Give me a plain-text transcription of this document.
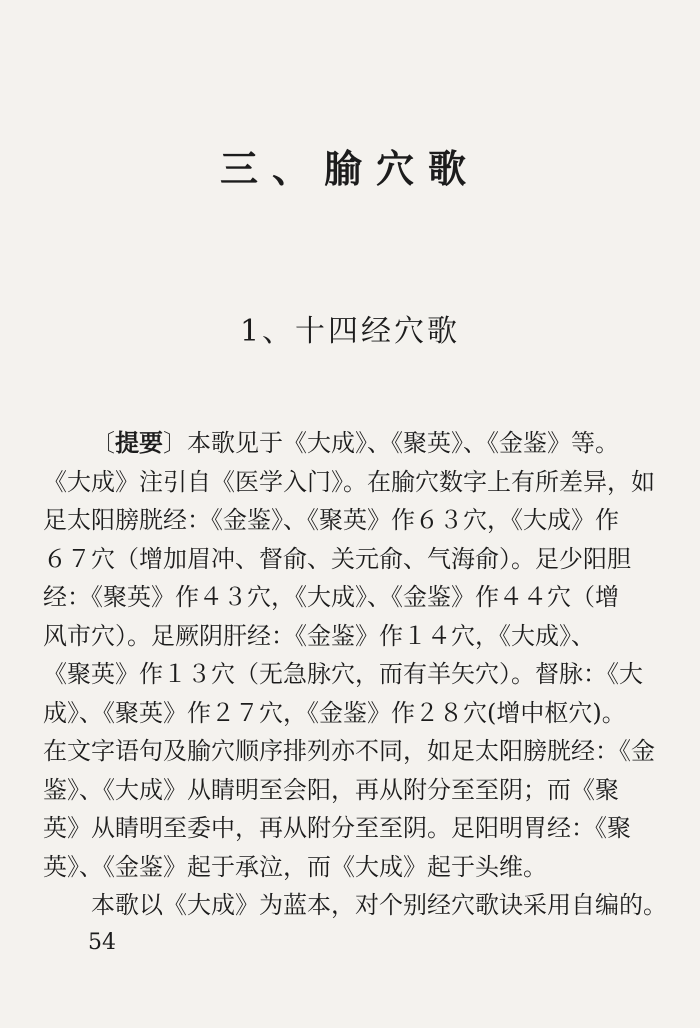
三、腧穴歌
1、十四经穴歌
〔提要〕本歌见于《大成》、《聚英》、《金鉴》等。
《大成》注引自《医学入门》。在腧穴数字上有所差异，如
足太阳膀胱经：《金鉴》、《聚英》作６３穴，《大成》作
６７穴（增加眉冲、督俞、关元俞、气海俞）。足少阳胆
经：《聚英》作４３穴，《大成》、《金鉴》作４４穴（增
风市穴）。足厥阴肝经：《金鉴》作１４穴，《大成》、
《聚英》作１３穴（无急脉穴，而有羊矢穴）。督脉：《大
成》、《聚英》作２７穴，《金鉴》作２８穴(增中枢穴)。
在文字语句及腧穴顺序排列亦不同，如足太阳膀胱经：《金
鉴》、《大成》从睛明至会阳，再从附分至至阴；而《聚
英》从睛明至委中，再从附分至至阴。足阳明胃经：《聚
英》、《金鉴》起于承泣，而《大成》起于头维。
本歌以《大成》为蓝本，对个别经穴歌诀采用自编的。
54
